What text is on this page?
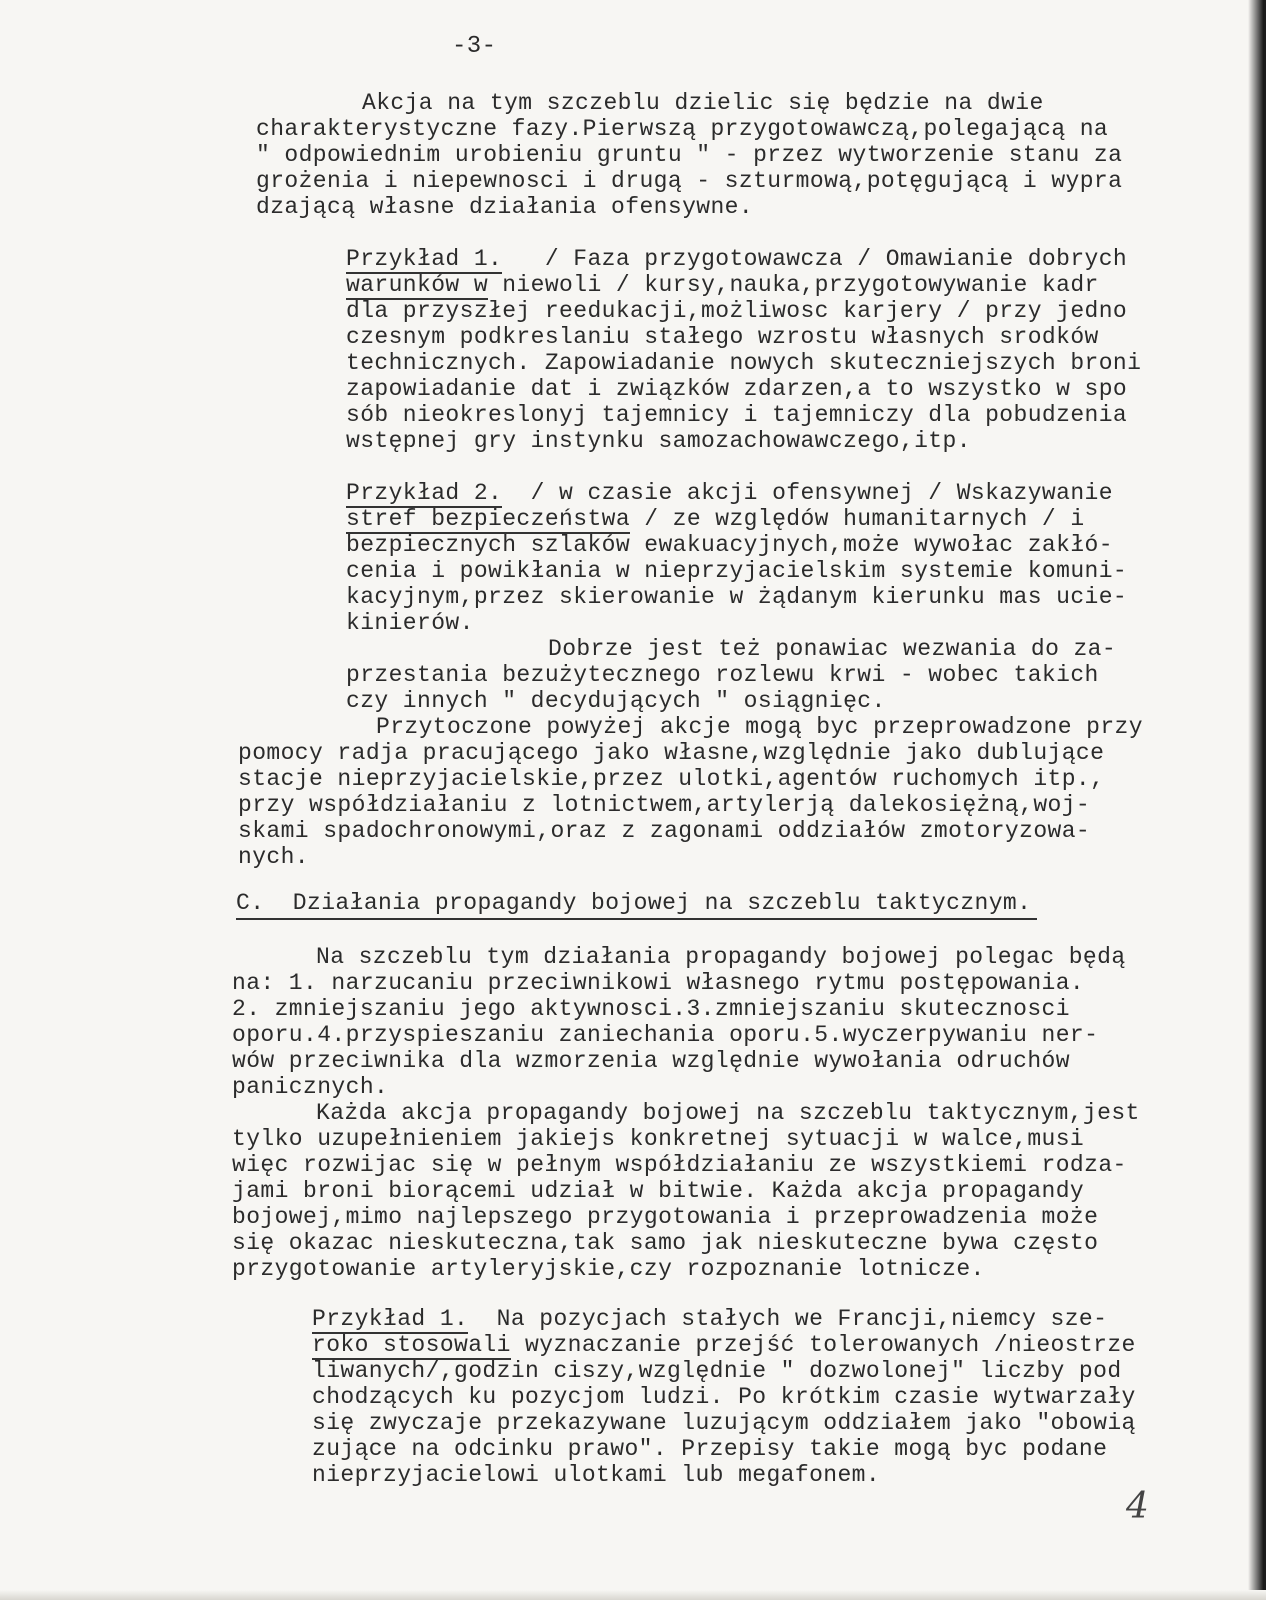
-3-
Akcja na tym szczeblu dzielic się będzie na dwie
charakterystyczne fazy.Pierwszą przygotowawczą,polegającą na
" odpowiednim urobieniu gruntu " - przez wytworzenie stanu za
grożenia i niepewnosci i drugą - szturmową,potęgującą i wypra
dzającą własne działania ofensywne.
Przykład 1.   / Faza przygotowawcza / Omawianie dobrych
warunków w niewoli / kursy,nauka,przygotowywanie kadr
dla przyszłej reedukacji,możliwosc karjery / przy jedno
czesnym podkreslaniu stałego wzrostu własnych srodków
technicznych. Zapowiadanie nowych skuteczniejszych broni
zapowiadanie dat i związków zdarzen,a to wszystko w spo
sób nieokreslonyj tajemnicy i tajemniczy dla pobudzenia
wstępnej gry instynku samozachowawczego,itp.
Przykład 2.  / w czasie akcji ofensywnej / Wskazywanie
stref bezpieczeństwa / ze względów humanitarnych / i
bezpiecznych szlaków ewakuacyjnych,może wywołac zakłó-
cenia i powikłania w nieprzyjacielskim systemie komuni-
kacyjnym,przez skierowanie w żądanym kierunku mas ucie-
kinierów.
Dobrze jest też ponawiac wezwania do za-
przestania bezużytecznego rozlewu krwi - wobec takich
czy innych " decydujących " osiągnięc.
Przytoczone powyżej akcje mogą byc przeprowadzone przy
pomocy radja pracującego jako własne,względnie jako dublujące
stacje nieprzyjacielskie,przez ulotki,agentów ruchomych itp.,
przy współdziałaniu z lotnictwem,artylerją dalekosiężną,woj-
skami spadochronowymi,oraz z zagonami oddziałów zmotoryzowa-
nych.
C.  Działania propagandy bojowej na szczeblu taktycznym.
Na szczeblu tym działania propagandy bojowej polegac będą
na: 1. narzucaniu przeciwnikowi własnego rytmu postępowania.
2. zmniejszaniu jego aktywnosci.3.zmniejszaniu skutecznosci
oporu.4.przyspieszaniu zaniechania oporu.5.wyczerpywaniu ner-
wów przeciwnika dla wzmorzenia względnie wywołania odruchów
panicznych.
Każda akcja propagandy bojowej na szczeblu taktycznym,jest
tylko uzupełnieniem jakiejs konkretnej sytuacji w walce,musi
więc rozwijac się w pełnym współdziałaniu ze wszystkiemi rodza-
jami broni biorącemi udział w bitwie. Każda akcja propagandy
bojowej,mimo najlepszego przygotowania i przeprowadzenia może
się okazac nieskuteczna,tak samo jak nieskuteczne bywa często
przygotowanie artyleryjskie,czy rozpoznanie lotnicze.
Przykład 1.  Na pozycjach stałych we Francji,niemcy sze-
roko stosowali wyznaczanie przejść tolerowanych /nieostrze
liwanych/,godzin ciszy,względnie " dozwolonej" liczby pod
chodzących ku pozycjom ludzi. Po krótkim czasie wytwarzały
się zwyczaje przekazywane luzującym oddziałem jako "obowią
zujące na odcinku prawo". Przepisy takie mogą byc podane
nieprzyjacielowi ulotkami lub megafonem.
4
